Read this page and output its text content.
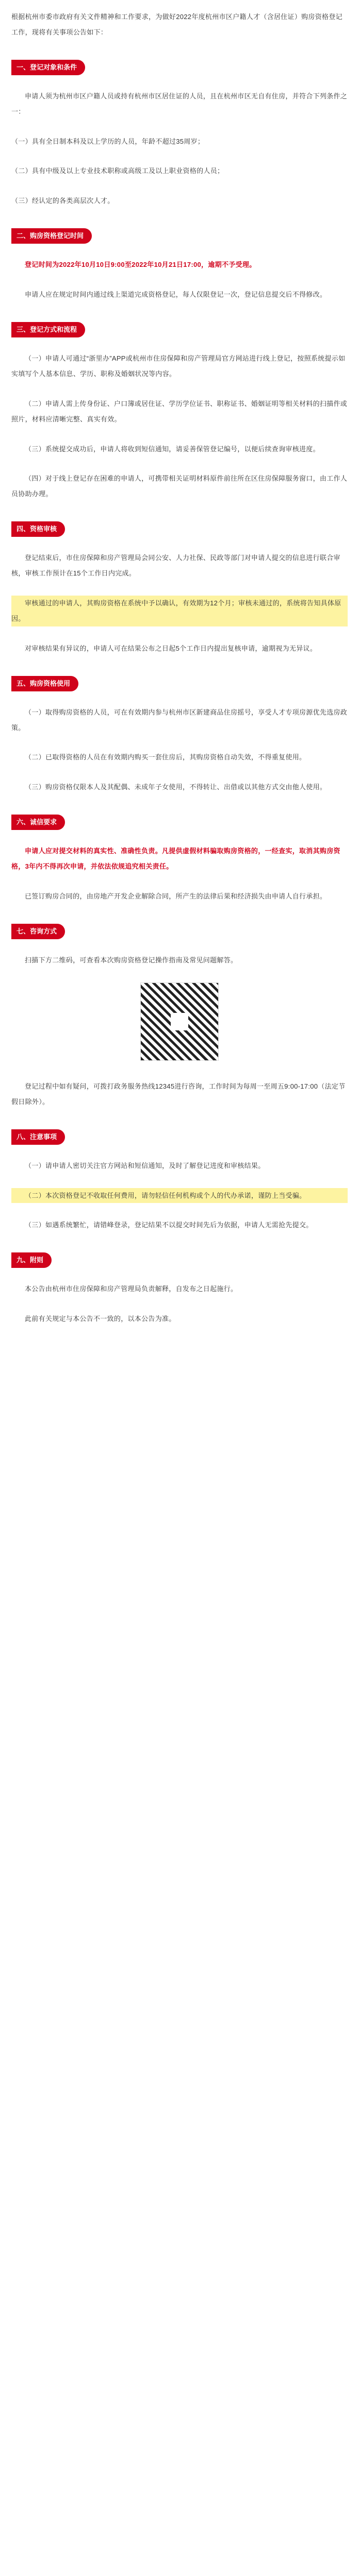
根据杭州市委市政府有关文件精神和工作要求，为做好2022年度杭州市区户籍人才（含居住证）购房资格登记工作，现将有关事项公告如下：

一、登记对象和条件

申请人须为杭州市区户籍人员或持有杭州市区居住证的人员，且在杭州市区无自有住房，并符合下列条件之一：

（一）具有全日制本科及以上学历的人员，年龄不超过35周岁；

（二）具有中级及以上专业技术职称或高级工及以上职业资格的人员；

（三）经认定的各类高层次人才。

二、购房资格登记时间

登记时间为2022年10月10日9:00至2022年10月21日17:00，逾期不予受理。

申请人应在规定时间内通过线上渠道完成资格登记，每人仅限登记一次，登记信息提交后不得修改。

三、登记方式和流程

（一）申请人可通过“浙里办”APP或杭州市住房保障和房产管理局官方网站进行线上登记，按照系统提示如实填写个人基本信息、学历、职称及婚姻状况等内容。

（二）申请人需上传身份证、户口簿或居住证、学历学位证书、职称证书、婚姻证明等相关材料的扫描件或照片，材料应清晰完整、真实有效。

（三）系统提交成功后，申请人将收到短信通知，请妥善保管登记编号，以便后续查询审核进度。

（四）对于线上登记存在困难的申请人，可携带相关证明材料原件前往所在区住房保障服务窗口，由工作人员协助办理。

四、资格审核

登记结束后，市住房保障和房产管理局会同公安、人力社保、民政等部门对申请人提交的信息进行联合审核，审核工作预计在15个工作日内完成。

审核通过的申请人，其购房资格在系统中予以确认，有效期为12个月；审核未通过的，系统将告知具体原因。

对审核结果有异议的，申请人可在结果公布之日起5个工作日内提出复核申请，逾期视为无异议。

五、购房资格使用

（一）取得购房资格的人员，可在有效期内参与杭州市区新建商品住房摇号，享受人才专项房源优先选房政策。

（二）已取得资格的人员在有效期内购买一套住房后，其购房资格自动失效，不得重复使用。

（三）购房资格仅限本人及其配偶、未成年子女使用，不得转让、出借或以其他方式交由他人使用。

六、诚信要求

申请人应对提交材料的真实性、准确性负责。凡提供虚假材料骗取购房资格的，一经查实，取消其购房资格，3年内不得再次申请，并依法依规追究相关责任。

已签订购房合同的，由房地产开发企业解除合同，所产生的法律后果和经济损失由申请人自行承担。

七、咨询方式

扫描下方二维码，可查看本次购房资格登记操作指南及常见问题解答。

登记过程中如有疑问，可拨打政务服务热线12345进行咨询，工作时间为每周一至周五9:00-17:00（法定节假日除外）。

八、注意事项

（一）请申请人密切关注官方网站和短信通知，及时了解登记进度和审核结果。

（二）本次资格登记不收取任何费用，请勿轻信任何机构或个人的代办承诺，谨防上当受骗。

（三）如遇系统繁忙，请错峰登录，登记结果不以提交时间先后为依据，申请人无需抢先提交。

九、附则

本公告由杭州市住房保障和房产管理局负责解释，自发布之日起施行。

此前有关规定与本公告不一致的，以本公告为准。
